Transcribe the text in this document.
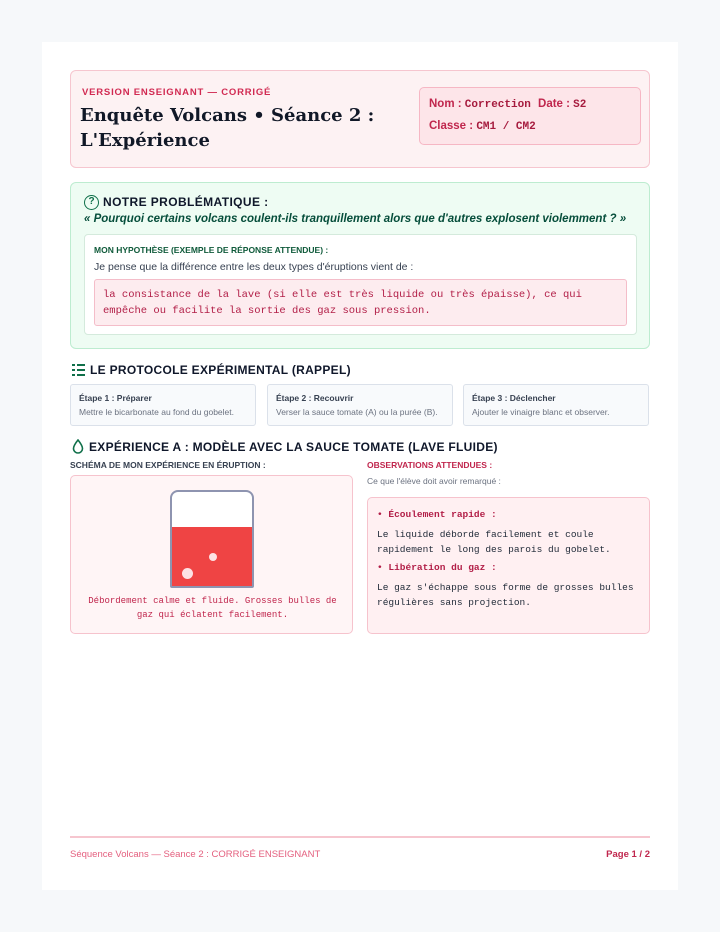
VERSION ENSEIGNANT — CORRIGÉ
Enquête Volcans • Séance 2 : L'Expérience
Nom : Correction Date : S2
Classe : CM1 / CM2
? NOTRE PROBLÉMATIQUE :
« Pourquoi certains volcans coulent-ils tranquillement alors que d'autres explosent violemment ? »
MON HYPOTHÈSE (EXEMPLE DE RÉPONSE ATTENDUE) :
Je pense que la différence entre les deux types d'éruptions vient de :
la consistance de la lave (si elle est très liquide ou très épaisse), ce qui empêche ou facilite la sortie des gaz sous pression.
LE PROTOCOLE EXPÉRIMENTAL (RAPPEL)
Étape 1 : Préparer
Mettre le bicarbonate au fond du gobelet.
Étape 2 : Recouvrir
Verser la sauce tomate (A) ou la purée (B).
Étape 3 : Déclencher
Ajouter le vinaigre blanc et observer.
EXPÉRIENCE A : MODÈLE AVEC LA SAUCE TOMATE (LAVE FLUIDE)
SCHÉMA DE MON EXPÉRIENCE EN ÉRUPTION :
Débordement calme et fluide. Grosses bulles de gaz qui éclatent facilement.
OBSERVATIONS ATTENDUES :
Ce que l'élève doit avoir remarqué :
• Écoulement rapide :
Le liquide déborde facilement et coule rapidement le long des parois du gobelet.
• Libération du gaz :
Le gaz s'échappe sous forme de grosses bulles régulières sans projection.
Séquence Volcans — Séance 2 : CORRIGÉ ENSEIGNANT	Page 1 / 2
